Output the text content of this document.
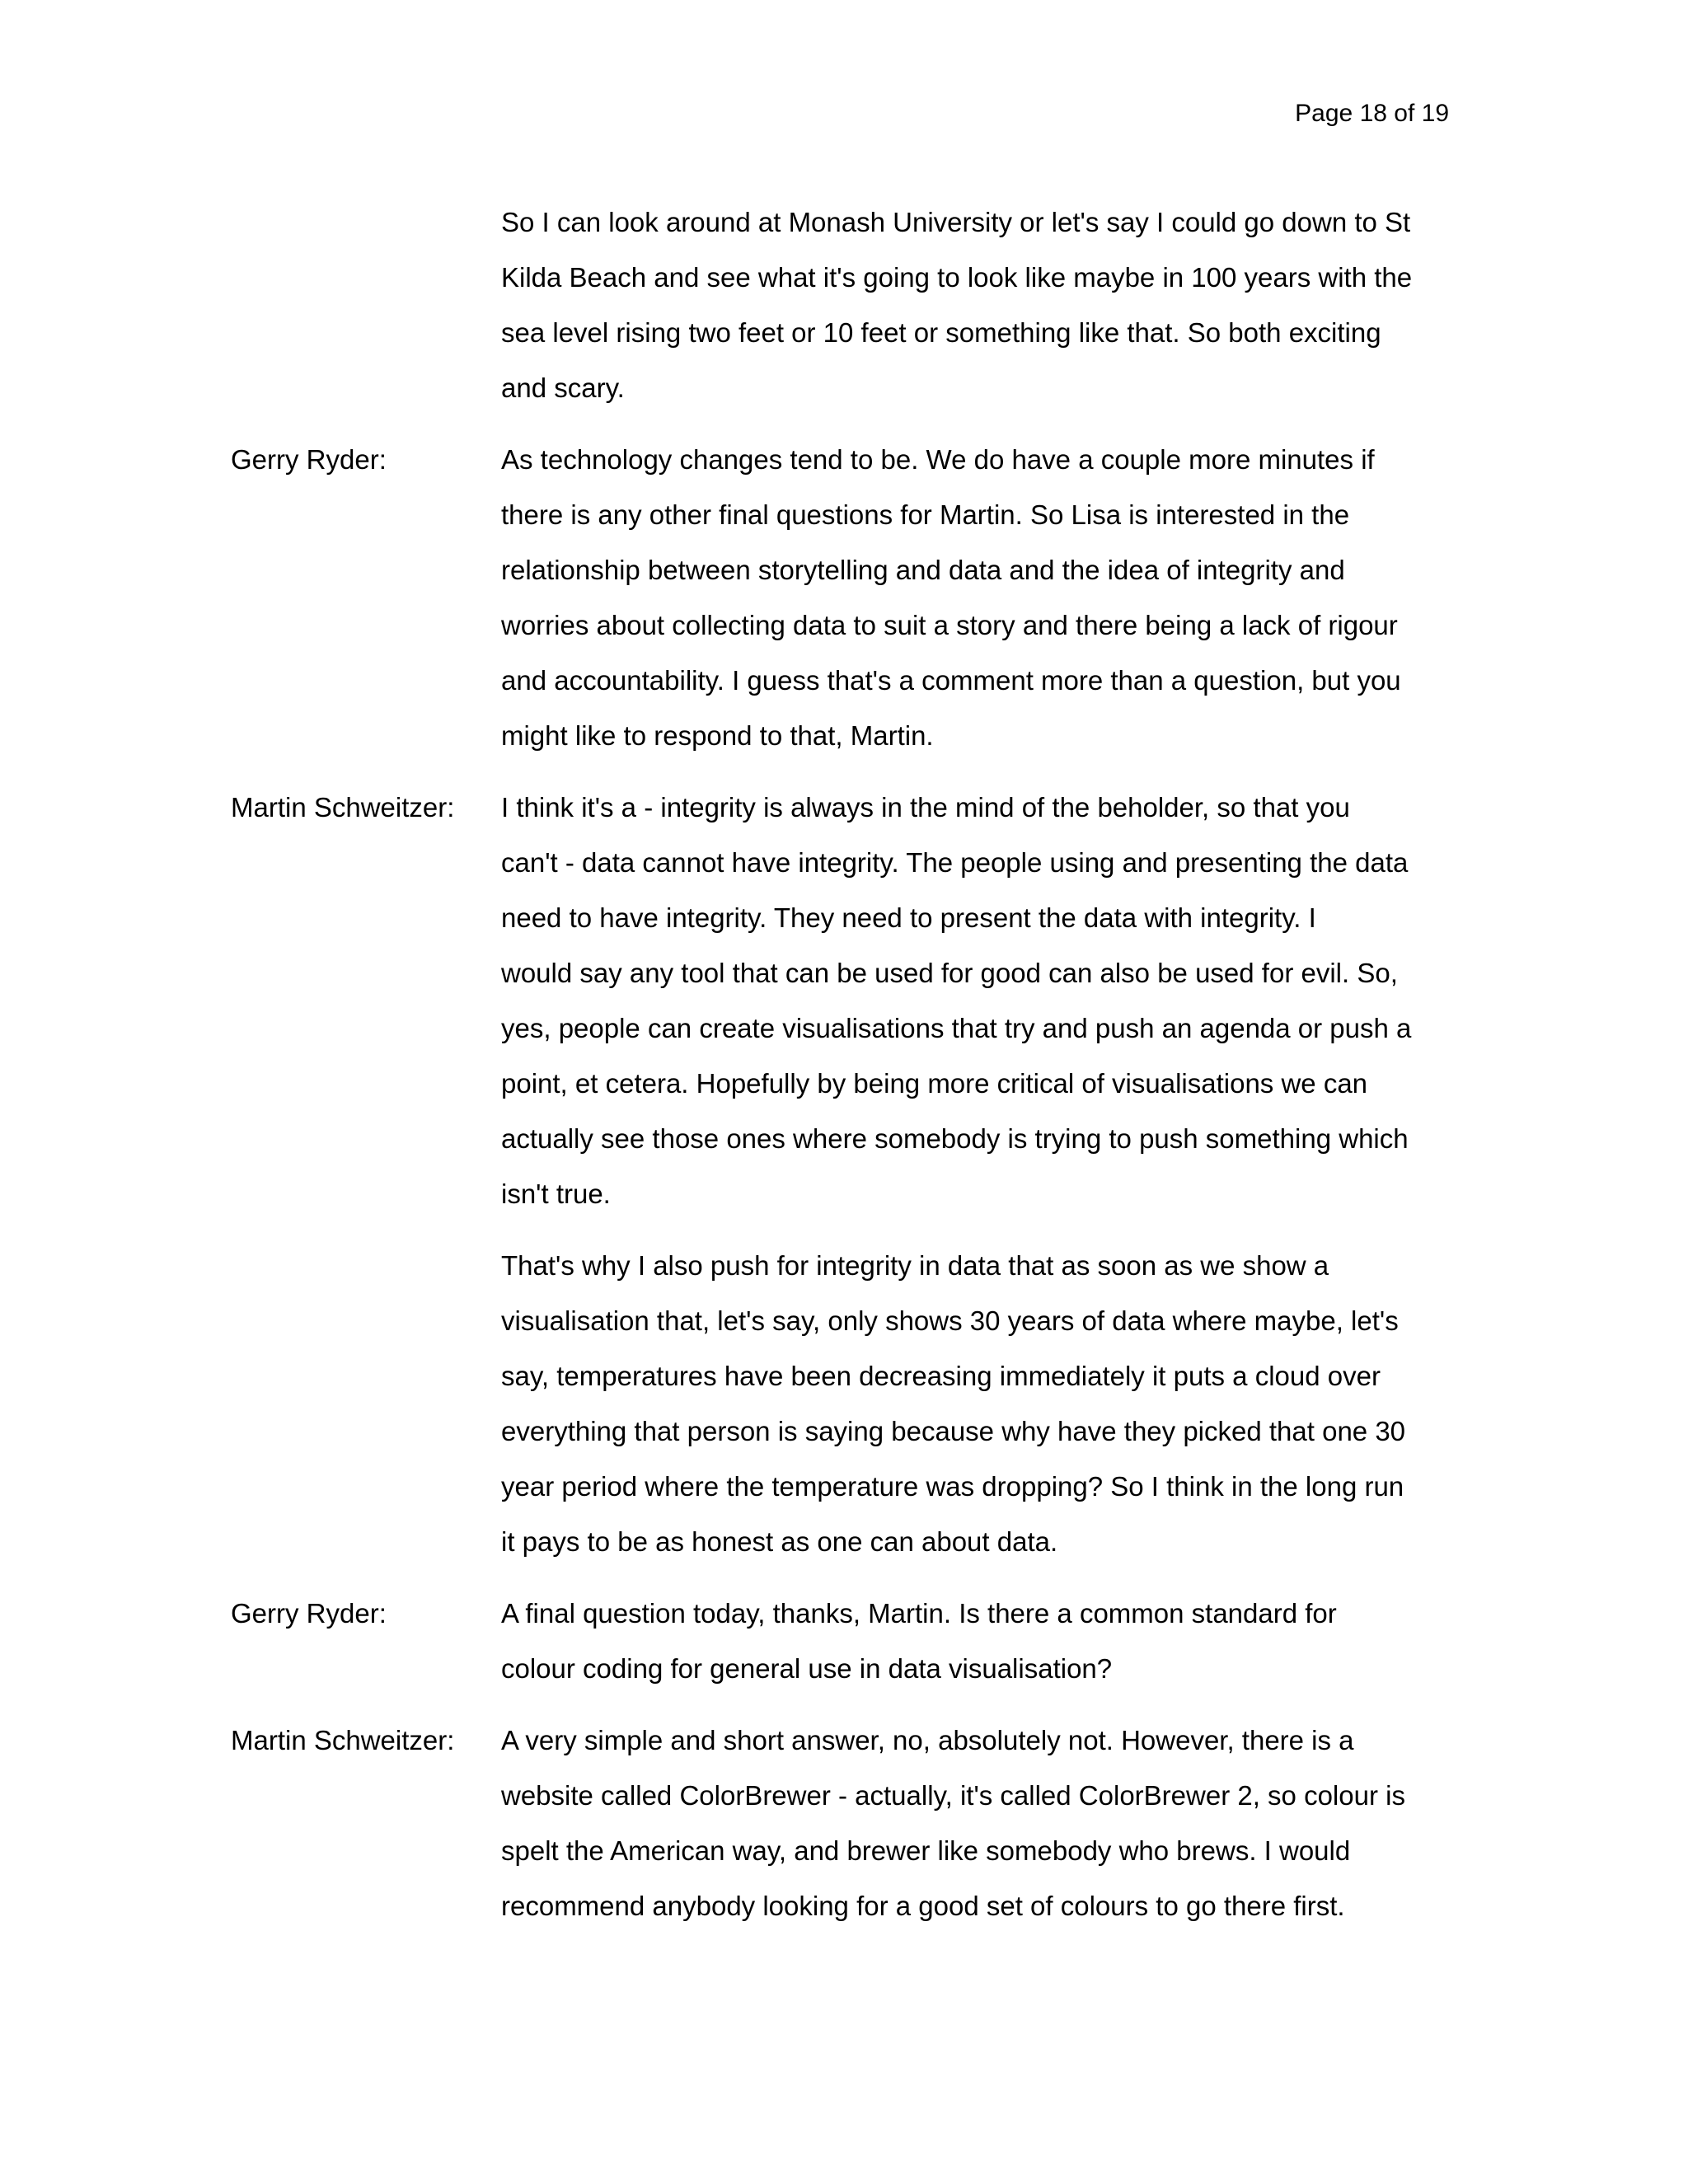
Page 18 of 19
So I can look around at Monash University or let's say I could go down to St
Kilda Beach and see what it's going to look like maybe in 100 years with the
sea level rising two feet or 10 feet or something like that. So both exciting
and scary.
Gerry Ryder:	As technology changes tend to be. We do have a couple more minutes if
there is any other final questions for Martin. So Lisa is interested in the
relationship between storytelling and data and the idea of integrity and
worries about collecting data to suit a story and there being a lack of rigour
and accountability. I guess that's a comment more than a question, but you
might like to respond to that, Martin.
Martin Schweitzer:	I think it's a - integrity is always in the mind of the beholder, so that you
can't - data cannot have integrity. The people using and presenting the data
need to have integrity. They need to present the data with integrity. I
would say any tool that can be used for good can also be used for evil. So,
yes, people can create visualisations that try and push an agenda or push a
point, et cetera. Hopefully by being more critical of visualisations we can
actually see those ones where somebody is trying to push something which
isn't true.
That's why I also push for integrity in data that as soon as we show a
visualisation that, let's say, only shows 30 years of data where maybe, let's
say, temperatures have been decreasing immediately it puts a cloud over
everything that person is saying because why have they picked that one 30
year period where the temperature was dropping? So I think in the long run
it pays to be as honest as one can about data.
Gerry Ryder:	A final question today, thanks, Martin. Is there a common standard for
colour coding for general use in data visualisation?
Martin Schweitzer:	A very simple and short answer, no, absolutely not. However, there is a
website called ColorBrewer - actually, it's called ColorBrewer 2, so colour is
spelt the American way, and brewer like somebody who brews. I would
recommend anybody looking for a good set of colours to go there first.
